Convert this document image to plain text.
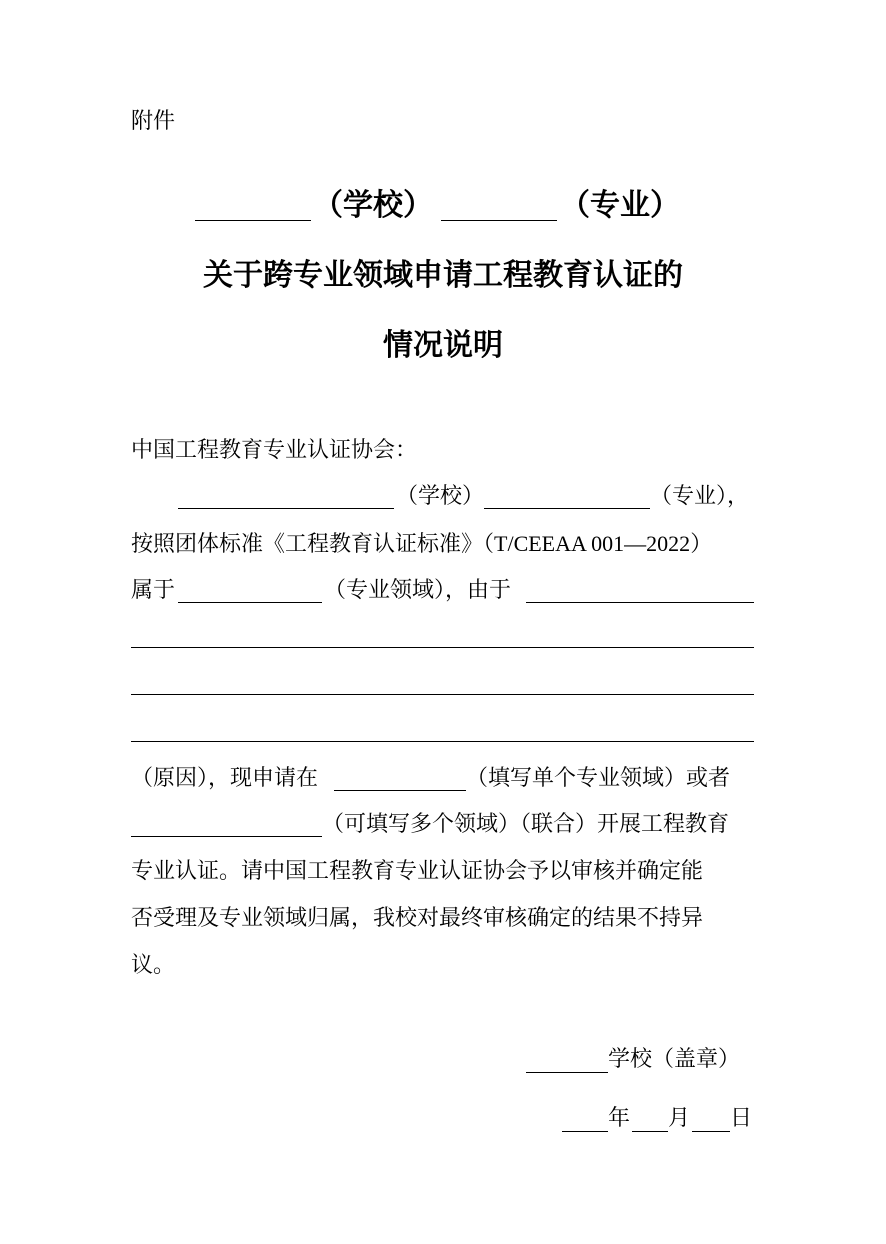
附件
（学校）	（专业）
关于跨专业领域申请工程教育认证的
情况说明
中国工程教育专业认证协会：
（学校）	（专业），
按照团体标准《工程教育认证标准》（T/CEEAA 001—2022）
属于	（专业领域），由于
（原因），现申请在	（填写单个专业领域）或者
（可填写多个领域）（联合）开展工程教育
专业认证。请中国工程教育专业认证协会予以审核并确定能
否受理及专业领域归属，我校对最终审核确定的结果不持异
议。
学校（盖章）
年 月 日
